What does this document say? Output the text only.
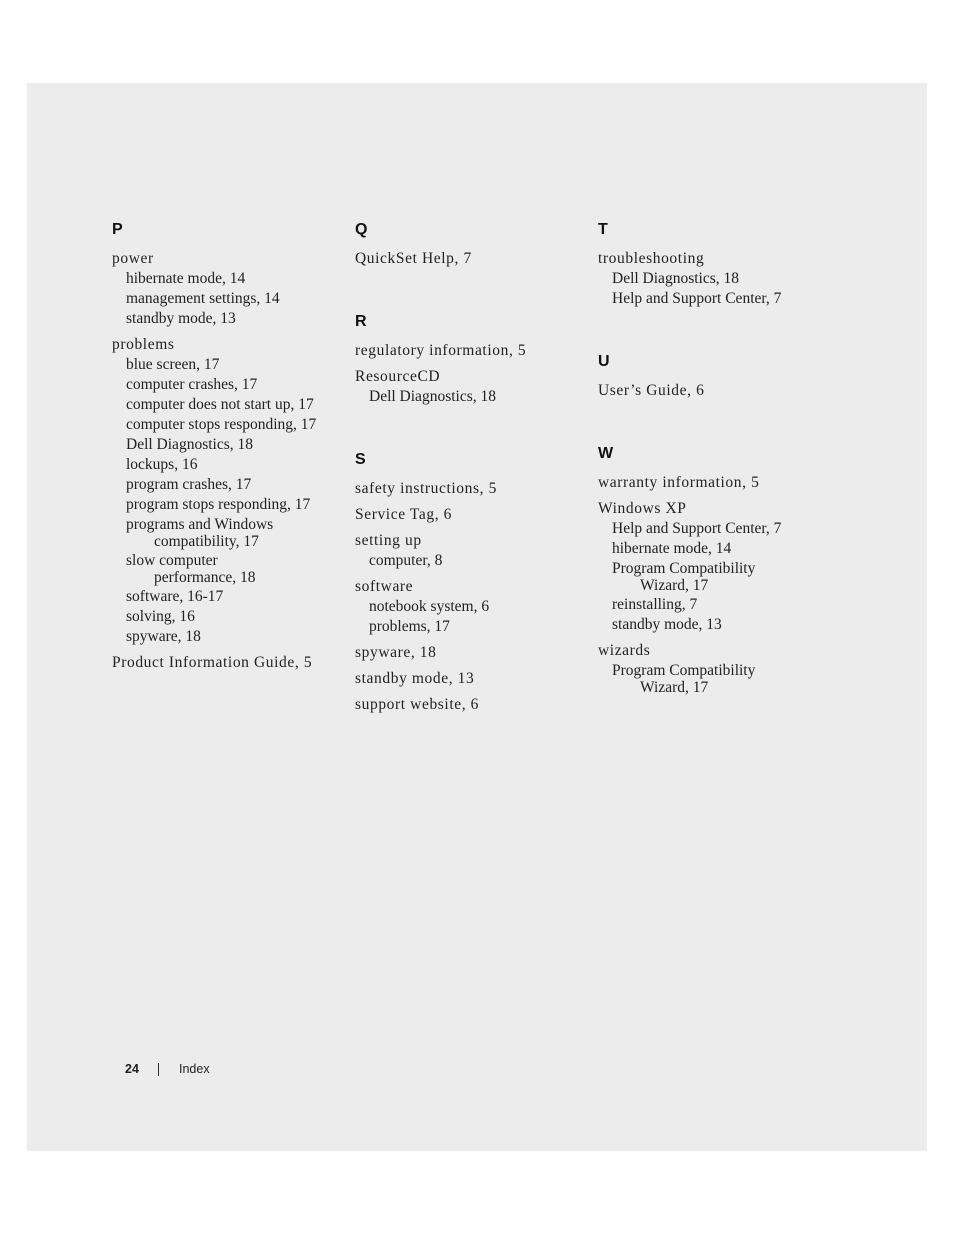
P
power
hibernate mode, 14
management settings, 14
standby mode, 13
problems
blue screen, 17
computer crashes, 17
computer does not start up, 17
computer stops responding, 17
Dell Diagnostics, 18
lockups, 16
program crashes, 17
program stops responding, 17
programs and Windows
compatibility, 17
slow computer
performance, 18
software, 16-17
solving, 16
spyware, 18
Product Information Guide, 5
Q
QuickSet Help, 7
R
regulatory information, 5
ResourceCD
Dell Diagnostics, 18
S
safety instructions, 5
Service Tag, 6
setting up
computer, 8
software
notebook system, 6
problems, 17
spyware, 18
standby mode, 13
support website, 6
T
troubleshooting
Dell Diagnostics, 18
Help and Support Center, 7
U
User’s Guide, 6
W
warranty information, 5
Windows XP
Help and Support Center, 7
hibernate mode, 14
Program Compatibility
Wizard, 17
reinstalling, 7
standby mode, 13
wizards
Program Compatibility
Wizard, 17
24	Index
